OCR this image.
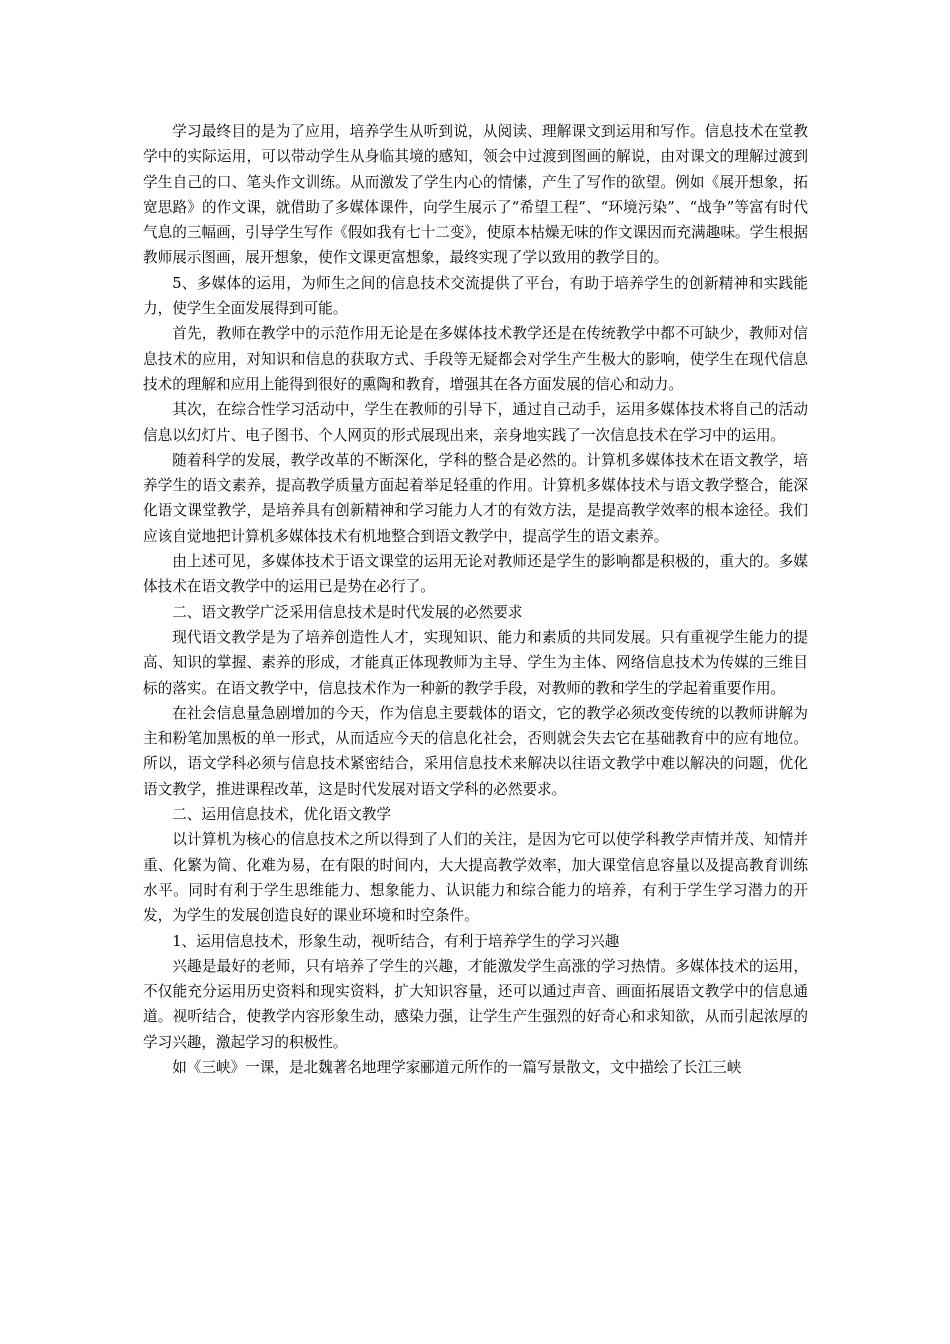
学习最终目的是为了应用，培养学生从听到说，从阅读、理解课文到运用和写作。信息技术在堂教学中的实际运用，可以带动学生从身临其境的感知，领会中过渡到图画的解说，由对课文的理解过渡到学生自己的口、笔头作文训练。从而激发了学生内心的情愫，产生了写作的欲望。例如《展开想象，拓宽思路》的作文课，就借助了多媒体课件，向学生展示了“希望工程”、“环境污染”、“战争”等富有时代气息的三幅画，引导学生写作《假如我有七十二变》，使原本枯燥无味的作文课因而充满趣味。学生根据教师展示图画，展开想象，使作文课更富想象，最终实现了学以致用的教学目的。

5、多媒体的运用，为师生之间的信息技术交流提供了平台，有助于培养学生的创新精神和实践能力，使学生全面发展得到可能。

首先，教师在教学中的示范作用无论是在多媒体技术教学还是在传统教学中都不可缺少，教师对信息技术的应用，对知识和信息的获取方式、手段等无疑都会对学生产生极大的影响，使学生在现代信息技术的理解和应用上能得到很好的熏陶和教育，增强其在各方面发展的信心和动力。

其次，在综合性学习活动中，学生在教师的引导下，通过自己动手，运用多媒体技术将自己的活动信息以幻灯片、电子图书、个人网页的形式展现出来，亲身地实践了一次信息技术在学习中的运用。

随着科学的发展，教学改革的不断深化，学科的整合是必然的。计算机多媒体技术在语文教学，培养学生的语文素养，提高教学质量方面起着举足轻重的作用。计算机多媒体技术与语文教学整合，能深化语文课堂教学，是培养具有创新精神和学习能力人才的有效方法，是提高教学效率的根本途径。我们应该自觉地把计算机多媒体技术有机地整合到语文教学中，提高学生的语文素养。

由上述可见，多媒体技术于语文课堂的运用无论对教师还是学生的影响都是积极的，重大的。多媒体技术在语文教学中的运用已是势在必行了。

二、语文教学广泛采用信息技术是时代发展的必然要求

现代语文教学是为了培养创造性人才，实现知识、能力和素质的共同发展。只有重视学生能力的提高、知识的掌握、素养的形成，才能真正体现教师为主导、学生为主体、网络信息技术为传媒的三维目标的落实。在语文教学中，信息技术作为一种新的教学手段，对教师的教和学生的学起着重要作用。

在社会信息量急剧增加的今天，作为信息主要载体的语文，它的教学必须改变传统的以教师讲解为主和粉笔加黑板的单一形式，从而适应今天的信息化社会，否则就会失去它在基础教育中的应有地位。所以，语文学科必须与信息技术紧密结合，采用信息技术来解决以往语文教学中难以解决的问题，优化语文教学，推进课程改革，这是时代发展对语文学科的必然要求。

二、运用信息技术，优化语文教学

以计算机为核心的信息技术之所以得到了人们的关注，是因为它可以使学科教学声情并茂、知情并重、化繁为简、化难为易，在有限的时间内，大大提高教学效率，加大课堂信息容量以及提高教育训练水平。同时有利于学生思维能力、想象能力、认识能力和综合能力的培养，有利于学生学习潜力的开发，为学生的发展创造良好的课业环境和时空条件。

1、运用信息技术，形象生动，视听结合，有利于培养学生的学习兴趣

兴趣是最好的老师，只有培养了学生的兴趣，才能激发学生高涨的学习热情。多媒体技术的运用，不仅能充分运用历史资料和现实资料，扩大知识容量，还可以通过声音、画面拓展语文教学中的信息通道。视听结合，使教学内容形象生动，感染力强，让学生产生强烈的好奇心和求知欲，从而引起浓厚的学习兴趣，激起学习的积极性。

如《三峡》一课，是北魏著名地理学家郦道元所作的一篇写景散文，文中描绘了长江三峡
